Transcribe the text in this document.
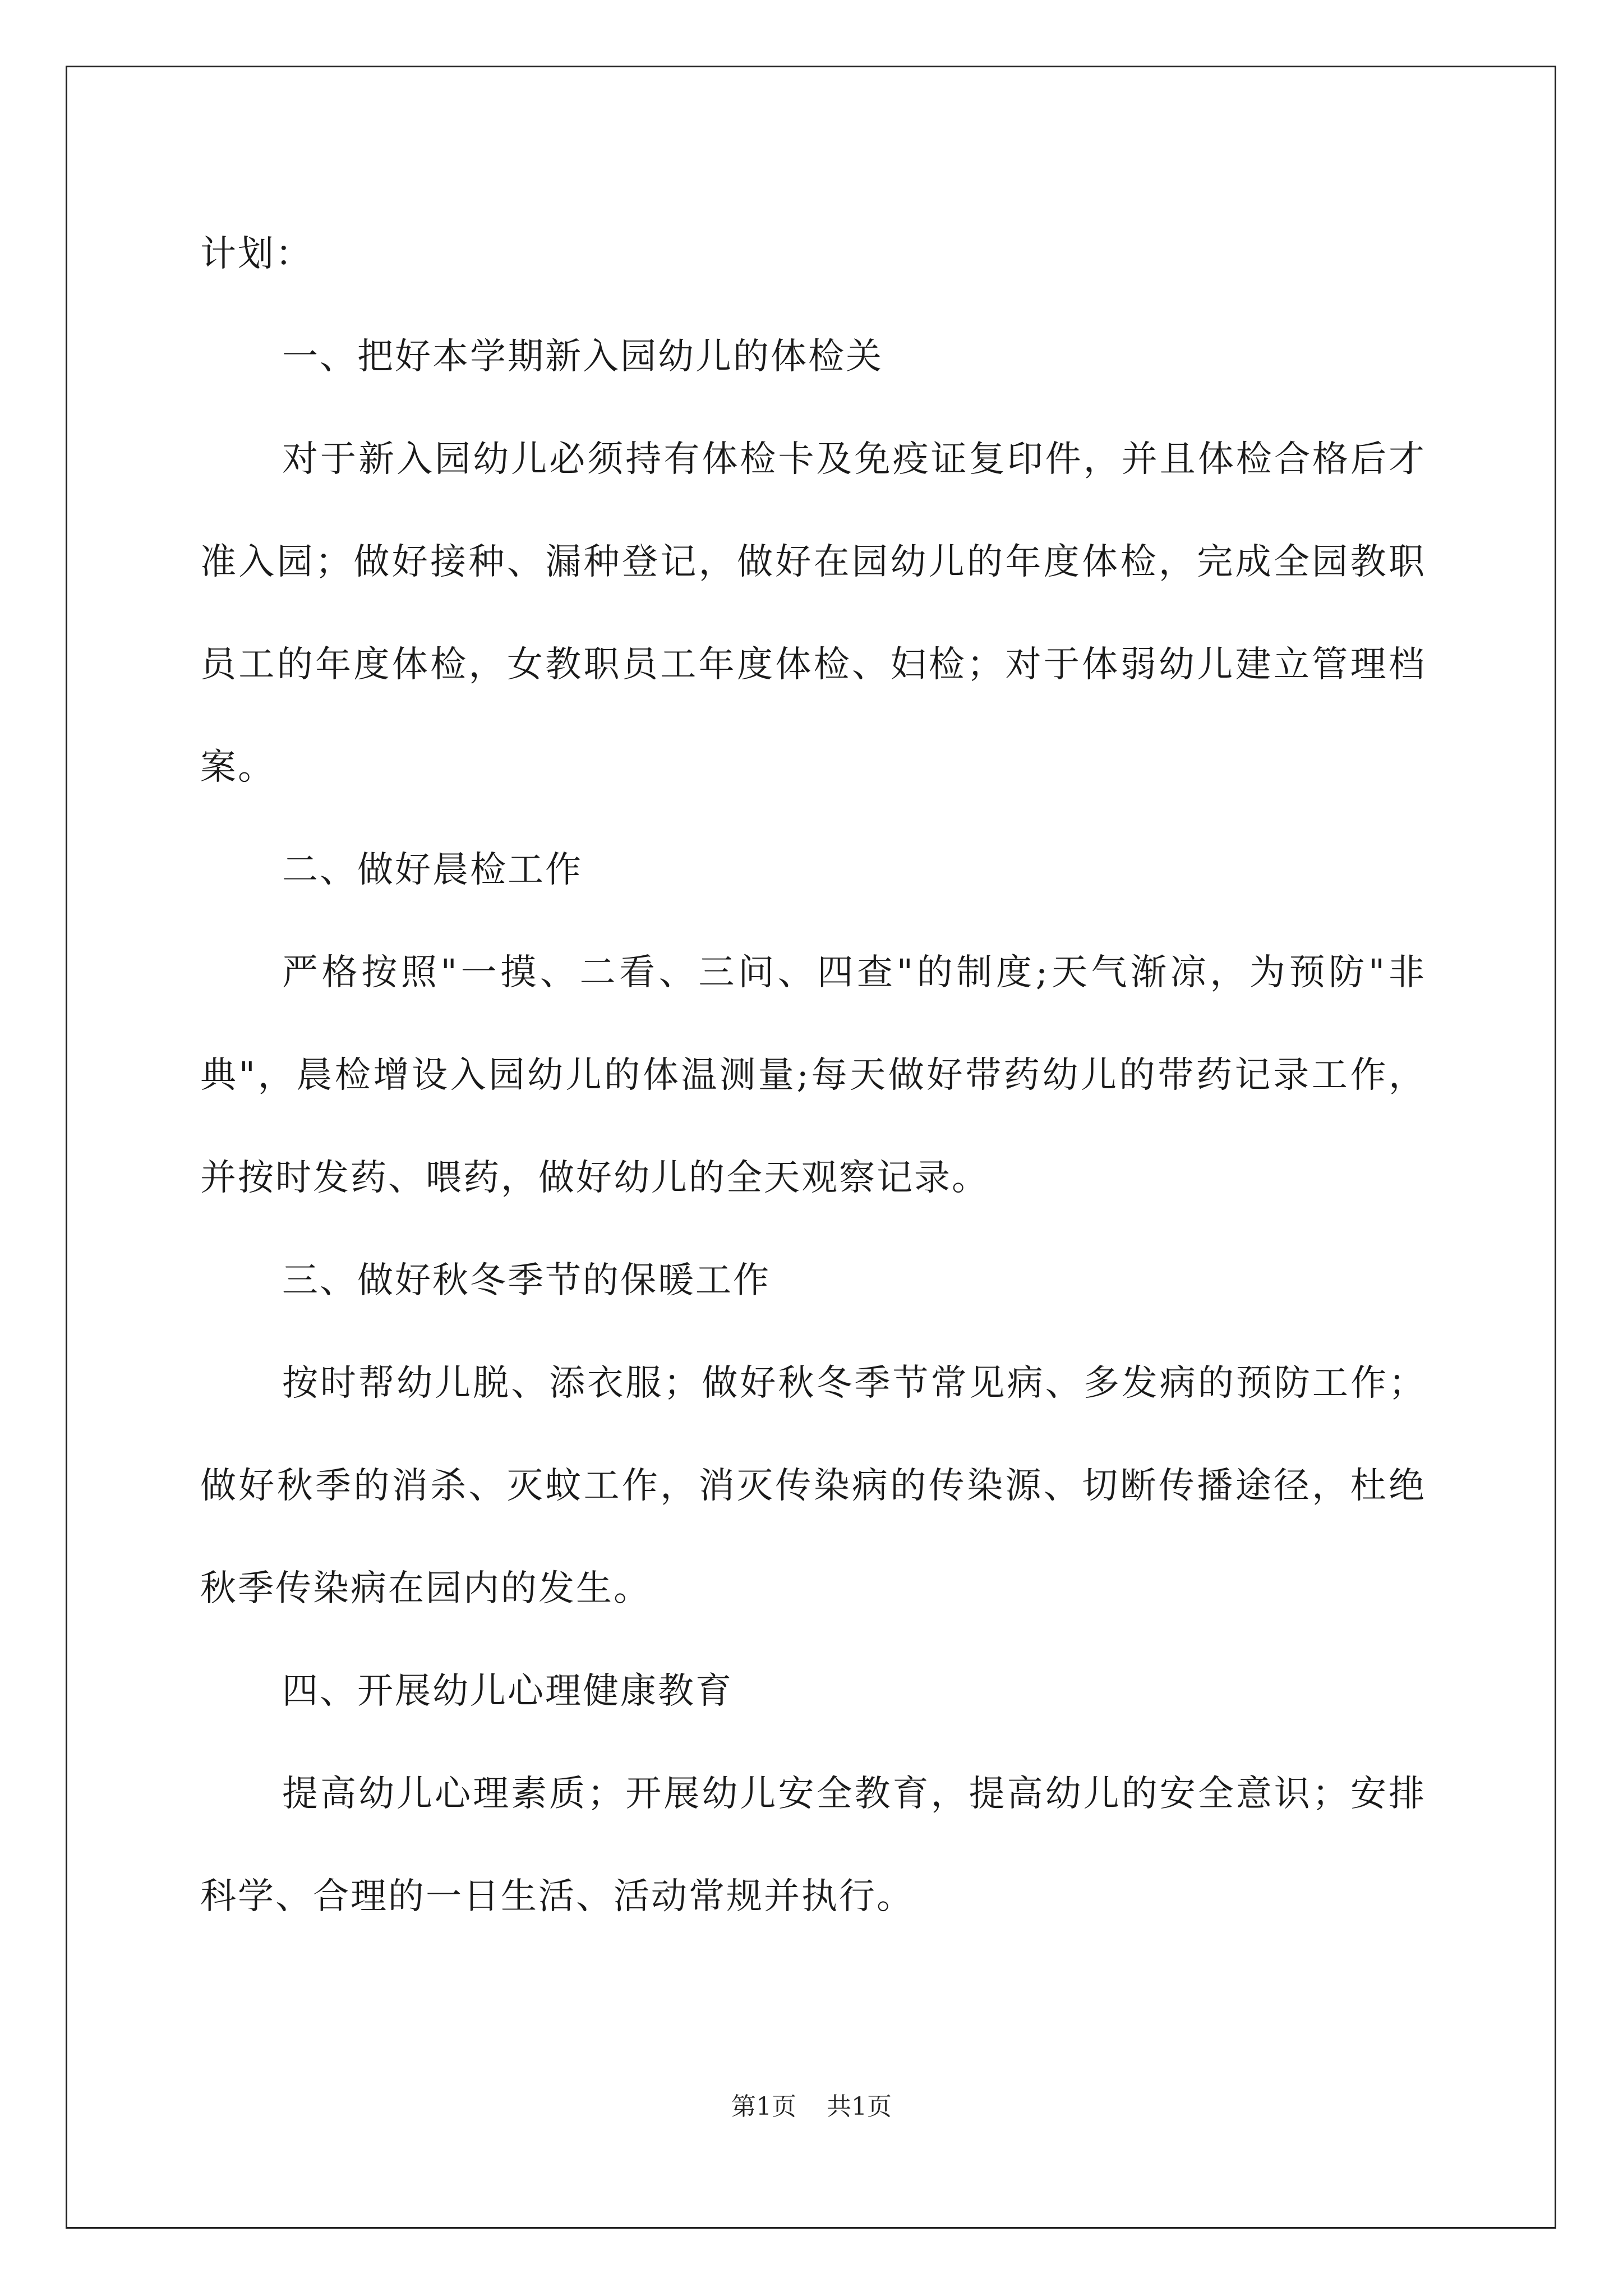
计划：

一、把好本学期新入园幼儿的体检关

对于新入园幼儿必须持有体检卡及免疫证复印件，并且体检合格后才准入园；做好接种、漏种登记，做好在园幼儿的年度体检，完成全园教职员工的年度体检，女教职员工年度体检、妇检；对于体弱幼儿建立管理档案。

二、做好晨检工作

严格按照"一摸、二看、三问、四查"的制度;天气渐凉，为预防"非典"，晨检增设入园幼儿的体温测量;每天做好带药幼儿的带药记录工作，并按时发药、喂药，做好幼儿的全天观察记录。

三、做好秋冬季节的保暖工作

按时帮幼儿脱、添衣服；做好秋冬季节常见病、多发病的预防工作；做好秋季的消杀、灭蚊工作，消灭传染病的传染源、切断传播途径，杜绝秋季传染病在园内的发生。

四、开展幼儿心理健康教育

提高幼儿心理素质；开展幼儿安全教育，提高幼儿的安全意识；安排科学、合理的一日生活、活动常规并执行。

第1页 共1页
